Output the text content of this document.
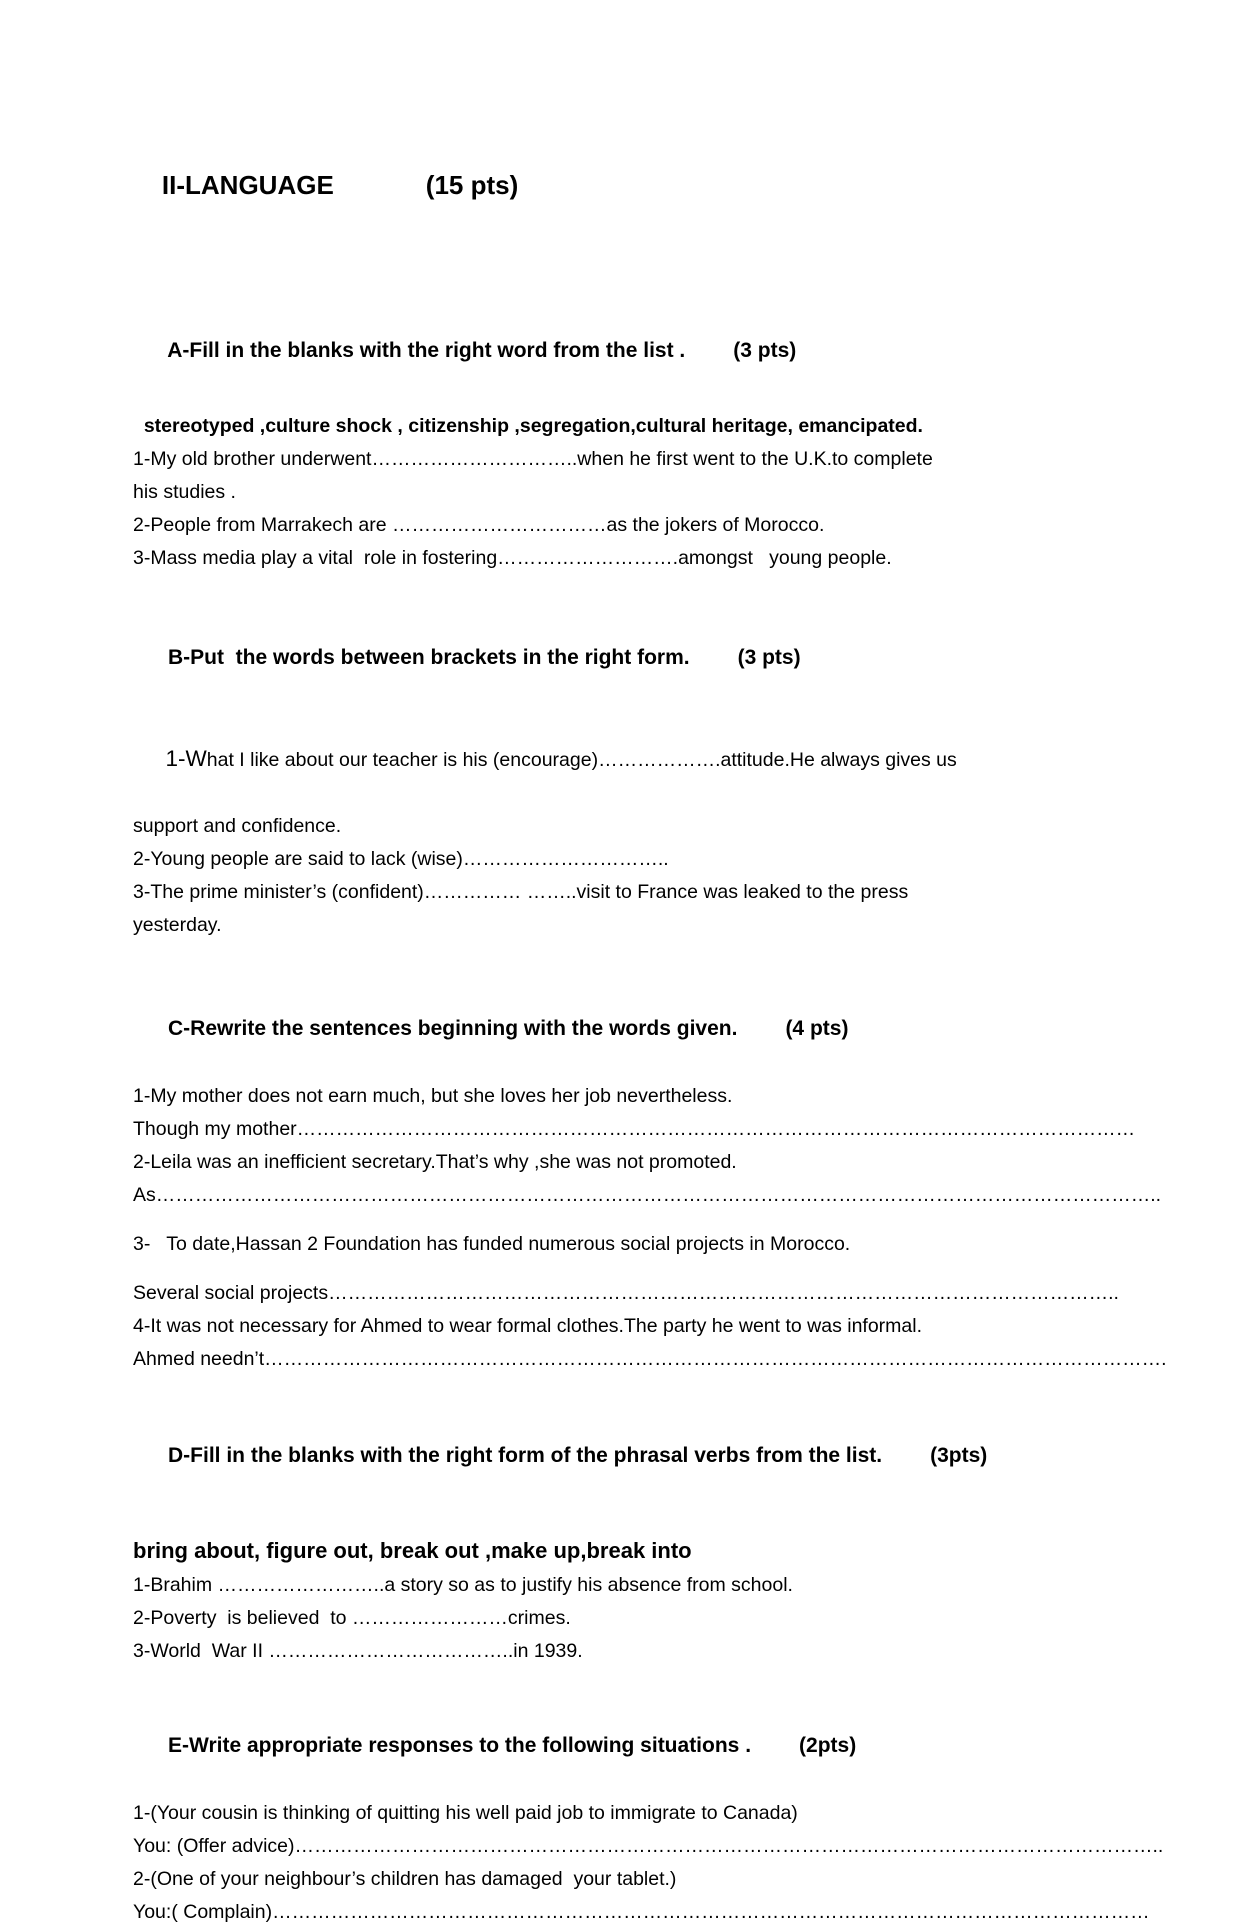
II-LANGUAGE	(15 pts)

A-Fill in the blanks with the right word from the list . (3 pts)

stereotyped ,culture shock , citizenship ,segregation,cultural heritage, emancipated.

1-My old brother underwent…………………………..when he first went to the U.K.to complete

his studies .

2-People from Marrakech are ……………………………as the jokers of Morocco.

3-Mass media play a vital  role in fostering……………………….amongst   young people.

B-Put  the words between brackets in the right form. (3 pts)

1-What I like about our teacher is his (encourage)……………….attitude.He always gives us

support and confidence.

2-Young people are said to lack (wise)…………………………..

3-The prime minister’s (confident)…………… ……..visit to France was leaked to the press

yesterday.

C-Rewrite the sentences beginning with the words given. (4 pts)

1-My mother does not earn much, but she loves her job nevertheless.

Though my mother…………………………………………………………………………………………………………………

2-Leila was an inefficient secretary.That’s why ,she was not promoted.

As………………………………………………………………………………………………………………………………………..

3-   To date,Hassan 2 Foundation has funded numerous social projects in Morocco.

Several social projects…………………………………………………………………………………………………………..

4-It was not necessary for Ahmed to wear formal clothes.The party he went to was informal.

Ahmed needn’t………………………………………………………………………………………………………………………….

D-Fill in the blanks with the right form of the phrasal verbs from the list. (3pts)

bring about, figure out, break out ,make up,break into

1-Brahim ……………………..a story so as to justify his absence from school.

2-Poverty  is believed  to ……………………crimes.

3-World  War II ………………………………..in 1939.

E-Write appropriate responses to the following situations . (2pts)

1-(Your cousin is thinking of quitting his well paid job to immigrate to Canada)

You: (Offer advice)……………………………………………………………………………………………………………………..

2-(One of your neighbour’s children has damaged  your tablet.)

You:( Complain)………………………………………………………………………………………………………………………
